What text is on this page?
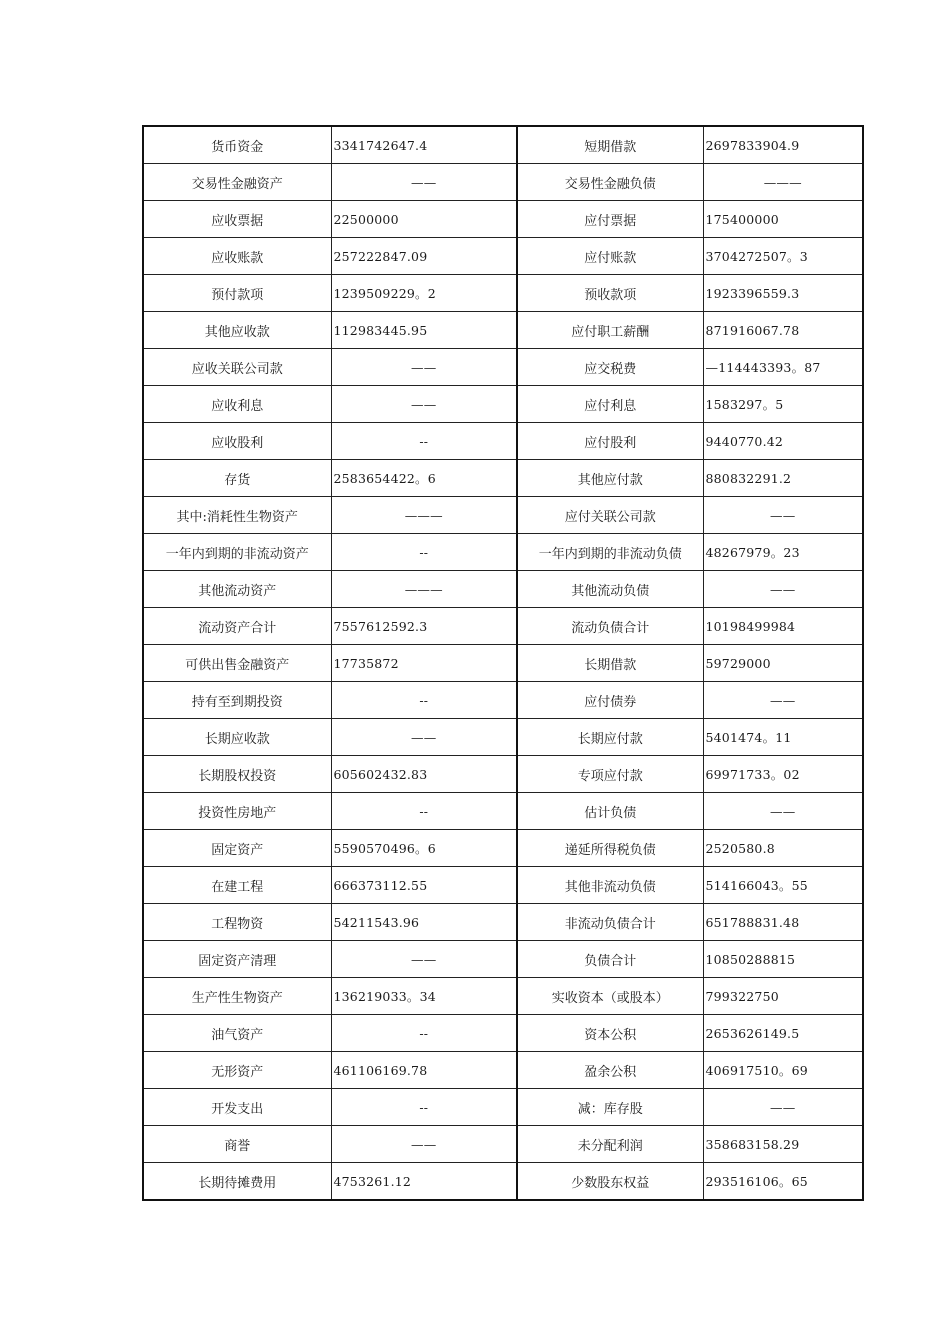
货币资金	3341742647.4	短期借款	2697833904.9
交易性金融资产	——	交易性金融负债	———
应收票据	22500000	应付票据	175400000
应收账款	257222847.09	应付账款	3704272507。3
预付款项	1239509229。2	预收款项	1923396559.3
其他应收款	112983445.95	应付职工薪酬	871916067.78
应收关联公司款	——	应交税费	—114443393。87
应收利息	——	应付利息	1583297。5
应收股利	--	应付股利	9440770.42
存货	2583654422。6	其他应付款	880832291.2
其中:消耗性生物资产	———	应付关联公司款	——
一年内到期的非流动资产	--	一年内到期的非流动负债	48267979。23
其他流动资产	———	其他流动负债	——
流动资产合计	7557612592.3	流动负债合计	10198499984
可供出售金融资产	17735872	长期借款	59729000
持有至到期投资	--	应付债券	——
长期应收款	——	长期应付款	5401474。11
长期股权投资	605602432.83	专项应付款	69971733。02
投资性房地产	--	估计负债	——
固定资产	5590570496。6	递延所得税负债	2520580.8
在建工程	666373112.55	其他非流动负债	514166043。55
工程物资	54211543.96	非流动负债合计	651788831.48
固定资产清理	——	负债合计	10850288815
生产性生物资产	136219033。34	实收资本（或股本）	799322750
油气资产	--	资本公积	2653626149.5
无形资产	461106169.78	盈余公积	406917510。69
开发支出	--	减：库存股	——
商誉	——	未分配利润	358683158.29
长期待摊费用	4753261.12	少数股东权益	293516106。65
